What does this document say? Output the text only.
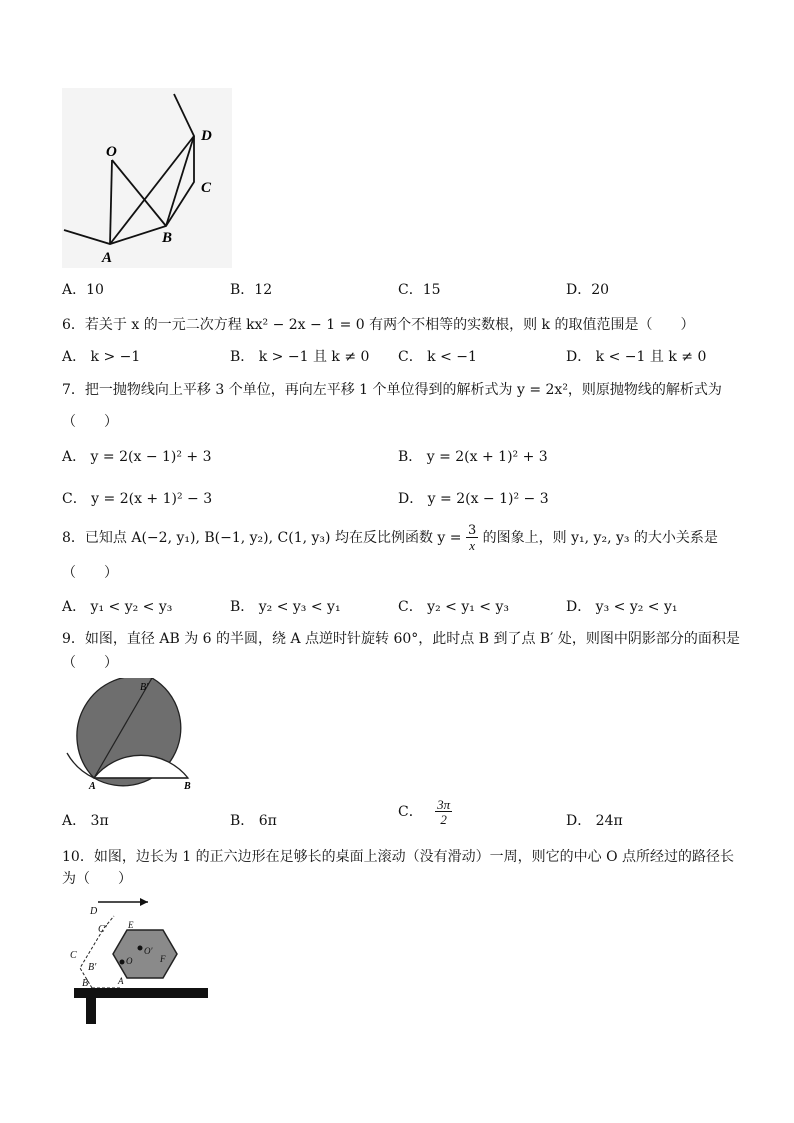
O
D
C
B
A
A．10	B．12	C．15	D．20
6．若关于 x 的一元二次方程 kx² − 2x − 1 = 0 有两个不相等的实数根，则 k 的取值范围是（　　）
A． k > −1	B． k > −1 且 k ≠ 0 C． k < −1	D． k < −1 且 k ≠ 0
7．把一抛物线向上平移 3 个单位，再向左平移 1 个单位得到的解析式为 y = 2x²，则原抛物线的解析式为
（　　）
A． y = 2(x − 1)² + 3	B． y = 2(x + 1)² + 3
C． y = 2(x + 1)² − 3	D． y = 2(x − 1)² − 3
8．已知点 A(−2, y₁), B(−1, y₂), C(1, y₃) 均在反比例函数 $y = \frac{3}{x}$ 的图象上，则 y₁, y₂, y₃ 的大小关系是
（　　）
A． y₁ < y₂ < y₃	B． y₂ < y₃ < y₁	C． y₂ < y₁ < y₃	D． y₃ < y₂ < y₁
9．如图，直径 AB 为 6 的半圆，绕 A 点逆时针旋转 60°，此时点 B 到了点 B′ 处，则图中阴影部分的面积是
（　　）
B′
A	B
A． 3π	B． 6π
C． $\frac{3\pi}{2}$	D． 24π
10．如图，边长为 1 的正六边形在足够长的桌面上滚动（没有滑动）一周，则它的中心 O 点所经过的路径长
为（　　）
D
C′ E
C	O′
O	F
B′
A
B
